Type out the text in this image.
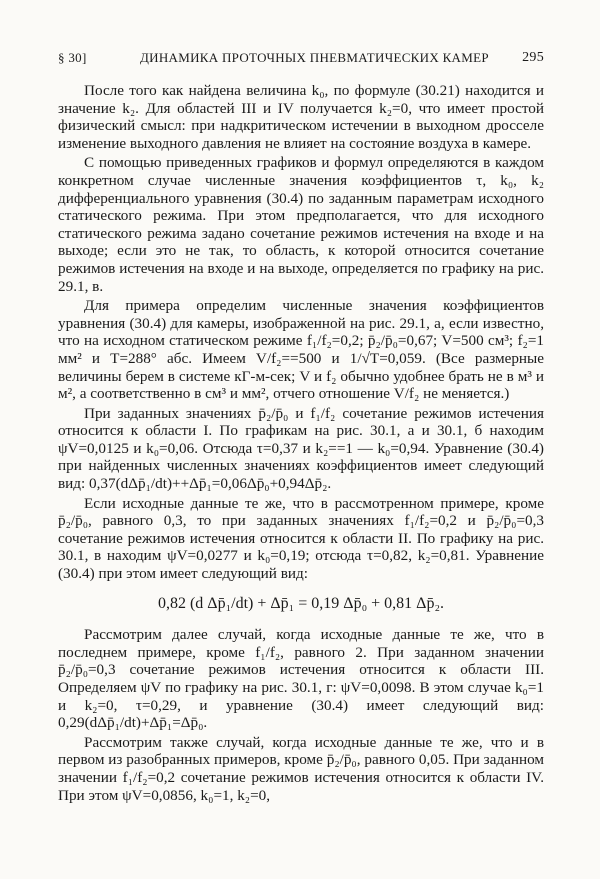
§ 30]	ДИНАМИКА ПРОТОЧНЫХ ПНЕВМАТИЧЕСКИХ КАМЕР 295

После того как найдена величина k₀, по формуле (30.21) находится и значение k₂. Для областей III и IV получается k₂=0, что имеет простой физический смысл: при надкритическом истечении в выходном дросселе изменение выходного давления не влияет на состояние воздуха в камере.

С помощью приведенных графиков и формул определяются в каждом конкретном случае численные значения коэффициентов τ, k₀, k₂ дифференциального уравнения (30.4) по заданным параметрам исходного статического режима. При этом предполагается, что для исходного статического режима задано сочетание режимов истечения на входе и на выходе; если это не так, то область, к которой относится сочетание режимов истечения на входе и на выходе, определяется по графику на рис. 29.1, в.

Для примера определим численные значения коэффициентов уравнения (30.4) для камеры, изображенной на рис. 29.1, а, если известно, что на исходном статическом режиме f₁/f₂=0,2; p̄₂/p̄₀=0,67; V=500 см³; f₂=1 мм² и T=288° абс. Имеем V/f₂==500 и 1/√T=0,059. (Все размерные величины берем в системе кГ-м-сек; V и f₂ обычно удобнее брать не в м³ и м², а соответственно в см³ и мм², отчего отношение V/f₂ не меняется.)

При заданных значениях p̄₂/p̄₀ и f₁/f₂ сочетание режимов истечения относится к области I. По графикам на рис. 30.1, а и 30.1, б находим ψV=0,0125 и k₀=0,06. Отсюда τ=0,37 и k₂==1 — k₀=0,94. Уравнение (30.4) при найденных численных значениях коэффициентов имеет следующий вид: 0,37(dΔp̄₁/dt)++Δp̄₁=0,06Δp̄₀+0,94Δp̄₂.

Если исходные данные те же, что в рассмотренном примере, кроме p̄₂/p̄₀, равного 0,3, то при заданных значениях f₁/f₂=0,2 и p̄₂/p̄₀=0,3 сочетание режимов истечения относится к области II. По графику на рис. 30.1, в находим ψV=0,0277 и k₀=0,19; отсюда τ=0,82, k₂=0,81. Уравнение (30.4) при этом имеет следующий вид:

0,82 (d Δp̄₁/dt) + Δp̄₁ = 0,19 Δp̄₀ + 0,81 Δp̄₂.

Рассмотрим далее случай, когда исходные данные те же, что в последнем примере, кроме f₁/f₂, равного 2. При заданном значении p̄₂/p̄₀=0,3 сочетание режимов истечения относится к области III. Определяем ψV по графику на рис. 30.1, г: ψV=0,0098. В этом случае k₀=1 и k₂=0, τ=0,29, и уравнение (30.4) имеет следующий вид: 0,29(dΔp̄₁/dt)+Δp̄₁=Δp̄₀.

Рассмотрим также случай, когда исходные данные те же, что и в первом из разобранных примеров, кроме p̄₂/p̄₀, равного 0,05. При заданном значении f₁/f₂=0,2 сочетание режимов истечения относится к области IV. При этом ψV=0,0856, k₀=1, k₂=0,
